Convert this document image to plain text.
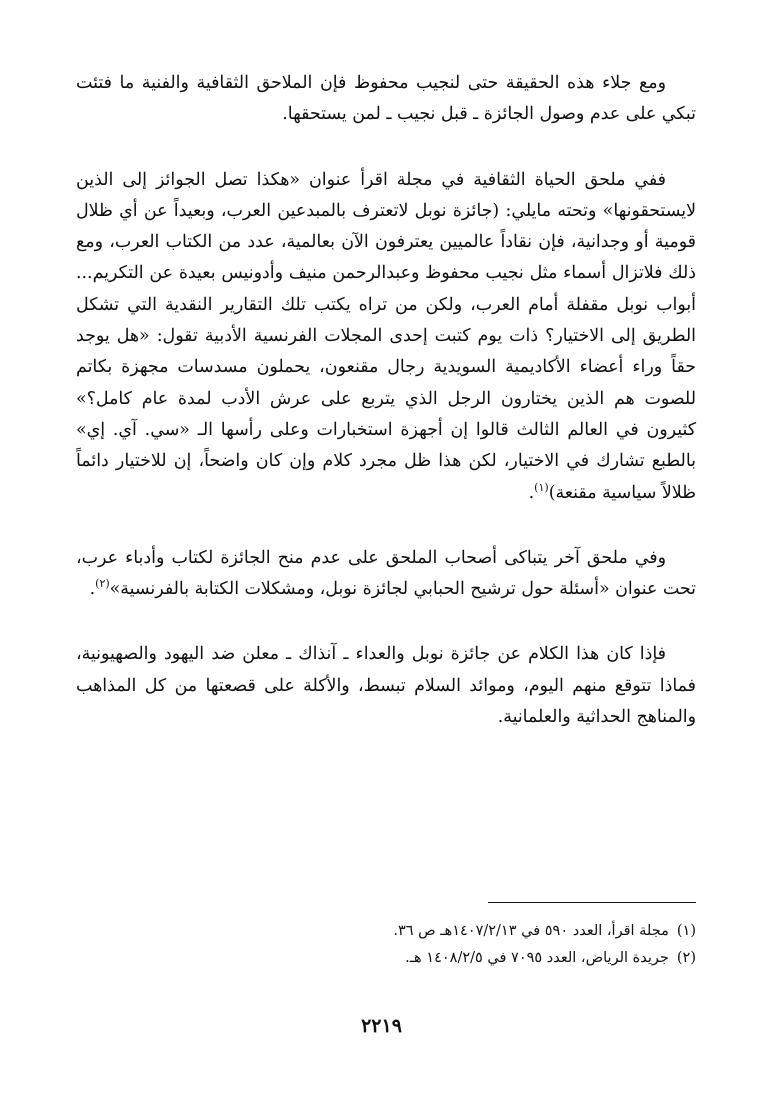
ومع جلاء هذه الحقيقة حتى لنجيب محفوظ فإن الملاحق الثقافية والفنية ما فتئت تبكي على عدم وصول الجائزة ـ قبل نجيب ـ لمن يستحقها.

ففي ملحق الحياة الثقافية في مجلة اقرأ عنوان «هكذا تصل الجوائز إلى الذين لايستحقونها» وتحته مايلي: (جائزة نوبل لاتعترف بالمبدعين العرب، وبعيداً عن أي ظلال قومية أو وجدانية، فإن نقاداً عالميين يعترفون الآن بعالمية، عدد من الكتاب العرب، ومع ذلك فلاتزال أسماء مثل نجيب محفوظ وعبدالرحمن منيف وأدونيس بعيدة عن التكريم... أبواب نوبل مقفلة أمام العرب، ولكن من تراه يكتب تلك التقارير النقدية التي تشكل الطريق إلى الاختيار؟ ذات يوم كتبت إحدى المجلات الفرنسية الأدبية تقول: «هل يوجد حقاً وراء أعضاء الأكاديمية السويدية رجال مقنعون، يحملون مسدسات مجهزة بكاتم للصوت هم الذين يختارون الرجل الذي يتربع على عرش الأدب لمدة عام كامل؟» كثيرون في العالم الثالث قالوا إن أجهزة استخبارات وعلى رأسها الـ «سي. آي. إي» بالطبع تشارك في الاختيار، لكن هذا ظل مجرد كلام وإن كان واضحاً، إن للاختيار دائماً ظلالاً سياسية مقنعة)$^{(١)}$.

وفي ملحق آخر يتباكى أصحاب الملحق على عدم منح الجائزة لكتاب وأدباء عرب، تحت عنوان «أسئلة حول ترشيح الحبابي لجائزة نوبل، ومشكلات الكتابة بالفرنسية»$^{(٢)}$.

فإذا كان هذا الكلام عن جائزة نوبل والعداء ـ آنذاك ـ معلن ضد اليهود والصهيونية، فماذا تتوقع منهم اليوم، وموائد السلام تبسط، والأكلة على قصعتها من كل المذاهب والمناهج الحداثية والعلمانية.

(١)مجلة اقرأ، العدد ٥٩٠ في ١٤٠٧/٢/١٣هـ ص ٣٦.

(٢)جريدة الرياض، العدد ٧٠٩٥ في ١٤٠٨/٢/٥ هـ.

٢٢١٩
